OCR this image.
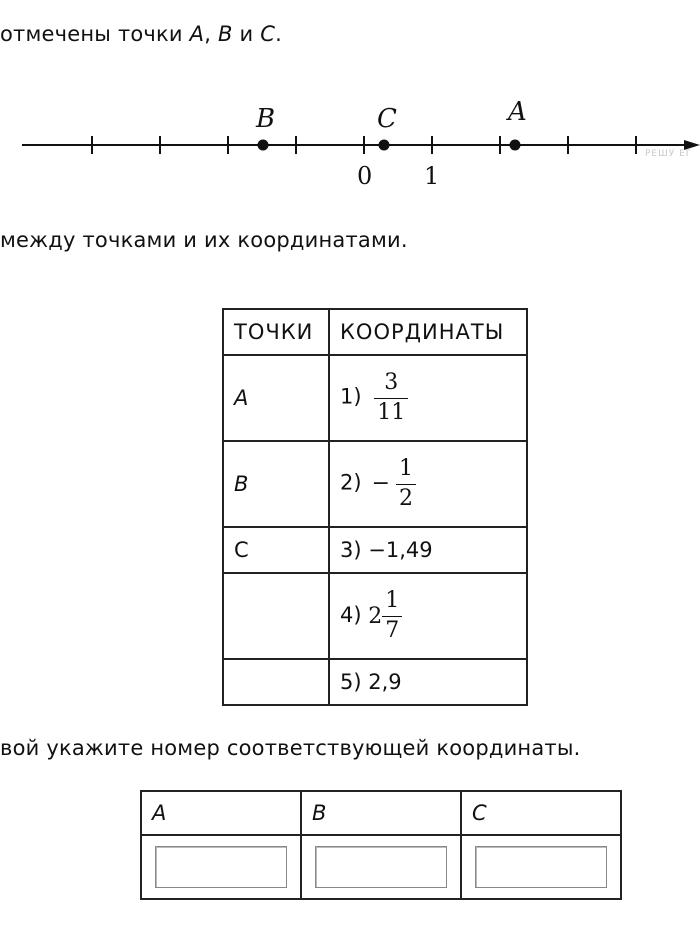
отмечены точки A, B и C.
B	C	A
0 1
РЕШУ ЕГ
между точками и их координатами.
ТОЧКИ	КООРДИНАТЫ
A	$1) \frac{3}{11}$

B	$2) - \frac{1}{2}$

C	3) −1,49
	4) $2 \frac{1}{7}$

	5) 2,9
вой укажите номер соответствующей координаты.
A	B	C
